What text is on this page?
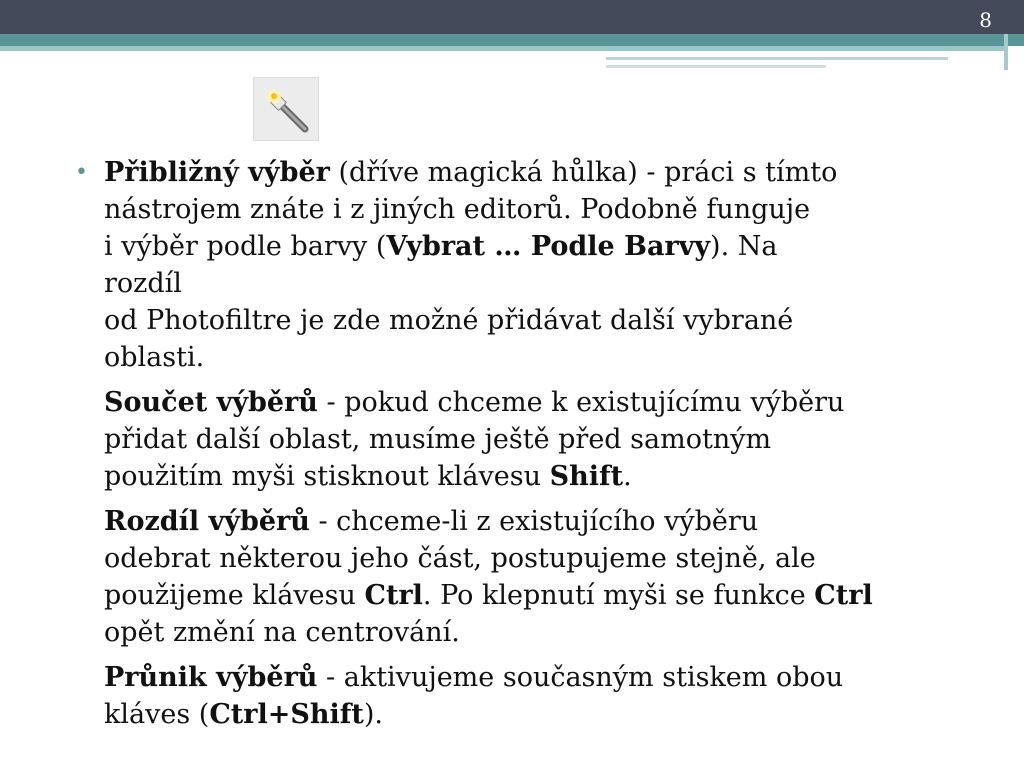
8
• Přibližný výběr (dříve magická hůlka) - práci s tímto
nástrojem znáte i z jiných editorů. Podobně funguje
i výběr podle barvy (Vybrat … Podle Barvy). Na
rozdíl
od Photofiltre je zde možné přidávat další vybrané
oblasti.
Součet výběrů - pokud chceme k existujícímu výběru
přidat další oblast, musíme ještě před samotným
použitím myši stisknout klávesu Shift.
Rozdíl výběrů - chceme-li z existujícího výběru
odebrat některou jeho část, postupujeme stejně, ale
použijeme klávesu Ctrl. Po klepnutí myši se funkce Ctrl
opět změní na centrování.
Průnik výběrů - aktivujeme současným stiskem obou
kláves (Ctrl+Shift).
